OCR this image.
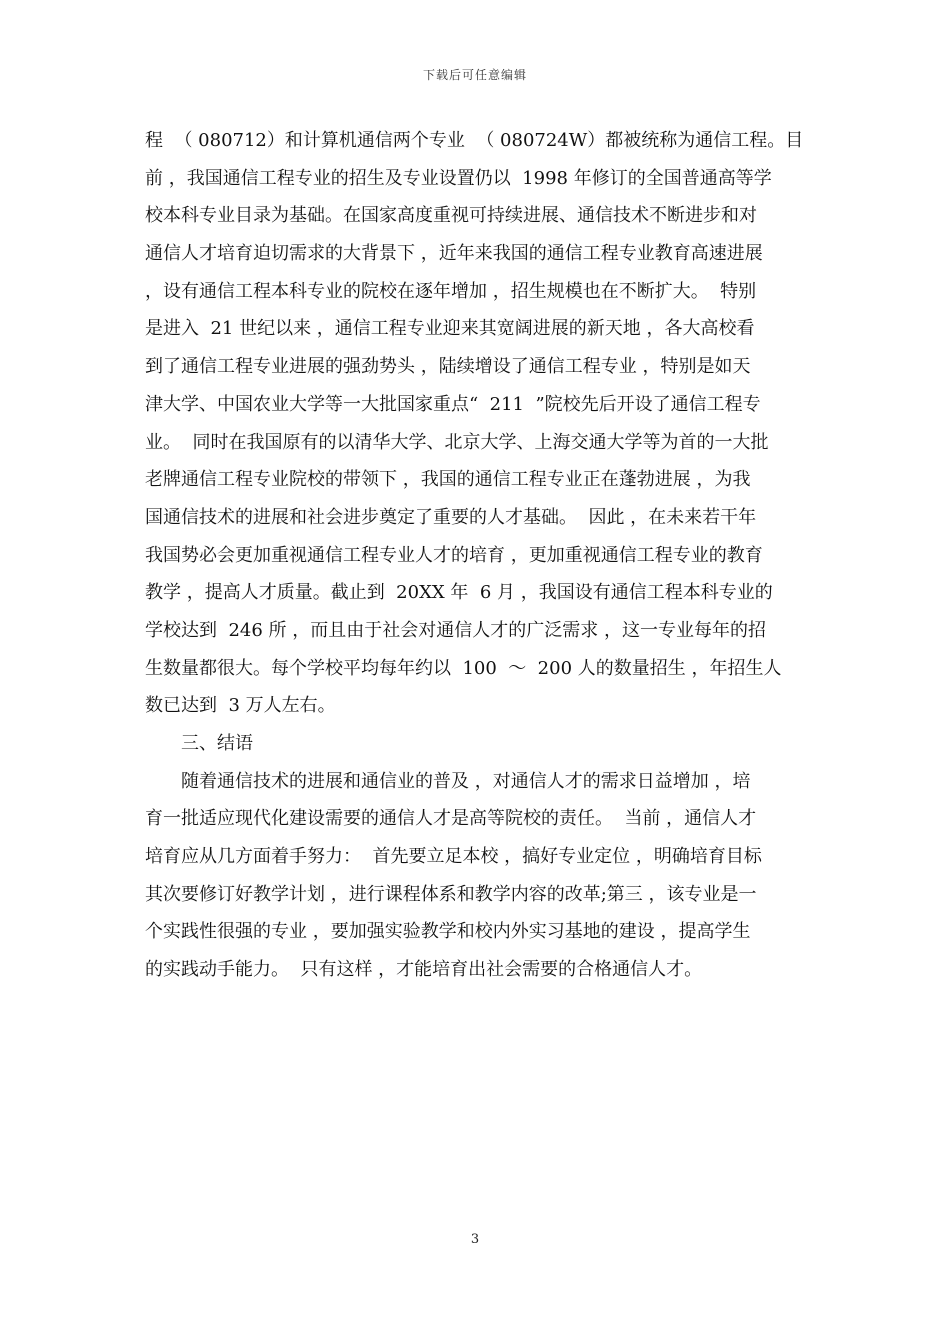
下载后可任意编辑
程  （ 080712）和计算机通信两个专业  （ 080724W）都被统称为通信工程。目
前 ，我国通信工程专业的招生及专业设置仍以  1998 年修订的全国普通高等学
校本科专业目录为基础。在国家高度重视可持续进展、通信技术不断进步和对
通信人才培育迫切需求的大背景下 ，近年来我国的通信工程专业教育高速进展
，设有通信工程本科专业的院校在逐年增加 ，招生规模也在不断扩大。  特别
是进入  21 世纪以来 ，通信工程专业迎来其宽阔进展的新天地 ，各大高校看
到了通信工程专业进展的强劲势头 ，陆续增设了通信工程专业 ，特别是如天
津大学、中国农业大学等一大批国家重点“  211  ”院校先后开设了通信工程专
业。  同时在我国原有的以清华大学、北京大学、上海交通大学等为首的一大批
老牌通信工程专业院校的带领下 ，我国的通信工程专业正在蓬勃进展 ，为我
国通信技术的进展和社会进步奠定了重要的人才基础。  因此 ，在未来若干年
我国势必会更加重视通信工程专业人才的培育 ，更加重视通信工程专业的教育
教学 ，提高人才质量。截止到  20XX 年  6 月 ，我国设有通信工程本科专业的
学校达到  246 所 ，而且由于社会对通信人才的广泛需求 ，这一专业每年的招
生数量都很大。每个学校平均每年约以  100  ～  200 人的数量招生 ，年招生人
数已达到  3 万人左右。
三、结语
随着通信技术的进展和通信业的普及 ，对通信人才的需求日益增加 ，培
育一批适应现代化建设需要的通信人才是高等院校的责任。  当前 ，通信人才
培育应从几方面着手努力：  首先要立足本校 ，搞好专业定位 ，明确培育目标
其次要修订好教学计划 ，进行课程体系和教学内容的改革;第三 ，该专业是一
个实践性很强的专业 ，要加强实验教学和校内外实习基地的建设 ，提高学生
的实践动手能力。  只有这样 ，才能培育出社会需要的合格通信人才。
3
